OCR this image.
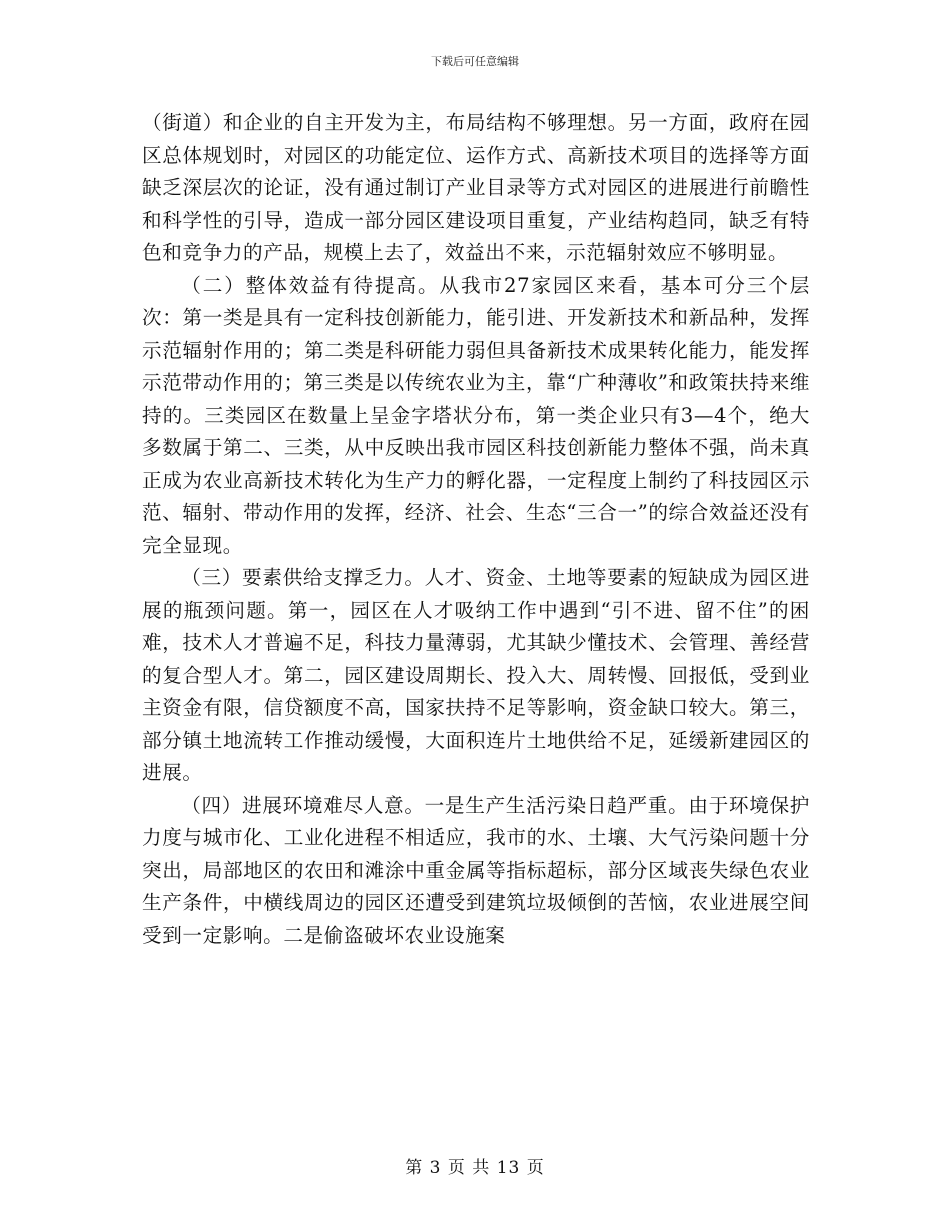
下载后可任意编辑

（街道）和企业的自主开发为主，布局结构不够理想。另一方面，政府在园区总体规划时，对园区的功能定位、运作方式、高新技术项目的选择等方面缺乏深层次的论证，没有通过制订产业目录等方式对园区的进展进行前瞻性和科学性的引导，造成一部分园区建设项目重复，产业结构趋同，缺乏有特色和竞争力的产品，规模上去了，效益出不来，示范辐射效应不够明显。

（二）整体效益有待提高。从我市27家园区来看，基本可分三个层次：第一类是具有一定科技创新能力，能引进、开发新技术和新品种，发挥示范辐射作用的；第二类是科研能力弱但具备新技术成果转化能力，能发挥示范带动作用的；第三类是以传统农业为主，靠“广种薄收”和政策扶持来维持的。三类园区在数量上呈金字塔状分布，第一类企业只有3—4个，绝大多数属于第二、三类，从中反映出我市园区科技创新能力整体不强，尚未真正成为农业高新技术转化为生产力的孵化器，一定程度上制约了科技园区示范、辐射、带动作用的发挥，经济、社会、生态“三合一”的综合效益还没有完全显现。

（三）要素供给支撑乏力。人才、资金、土地等要素的短缺成为园区进展的瓶颈问题。第一，园区在人才吸纳工作中遇到“引不进、留不住”的困难，技术人才普遍不足，科技力量薄弱，尤其缺少懂技术、会管理、善经营的复合型人才。第二，园区建设周期长、投入大、周转慢、回报低，受到业主资金有限，信贷额度不高，国家扶持不足等影响，资金缺口较大。第三，部分镇土地流转工作推动缓慢，大面积连片土地供给不足，延缓新建园区的进展。

（四）进展环境难尽人意。一是生产生活污染日趋严重。由于环境保护力度与城市化、工业化进程不相适应，我市的水、土壤、大气污染问题十分突出，局部地区的农田和滩涂中重金属等指标超标，部分区域丧失绿色农业生产条件，中横线周边的园区还遭受到建筑垃圾倾倒的苦恼，农业进展空间受到一定影响。二是偷盗破坏农业设施案

第 3 页 共 13 页
